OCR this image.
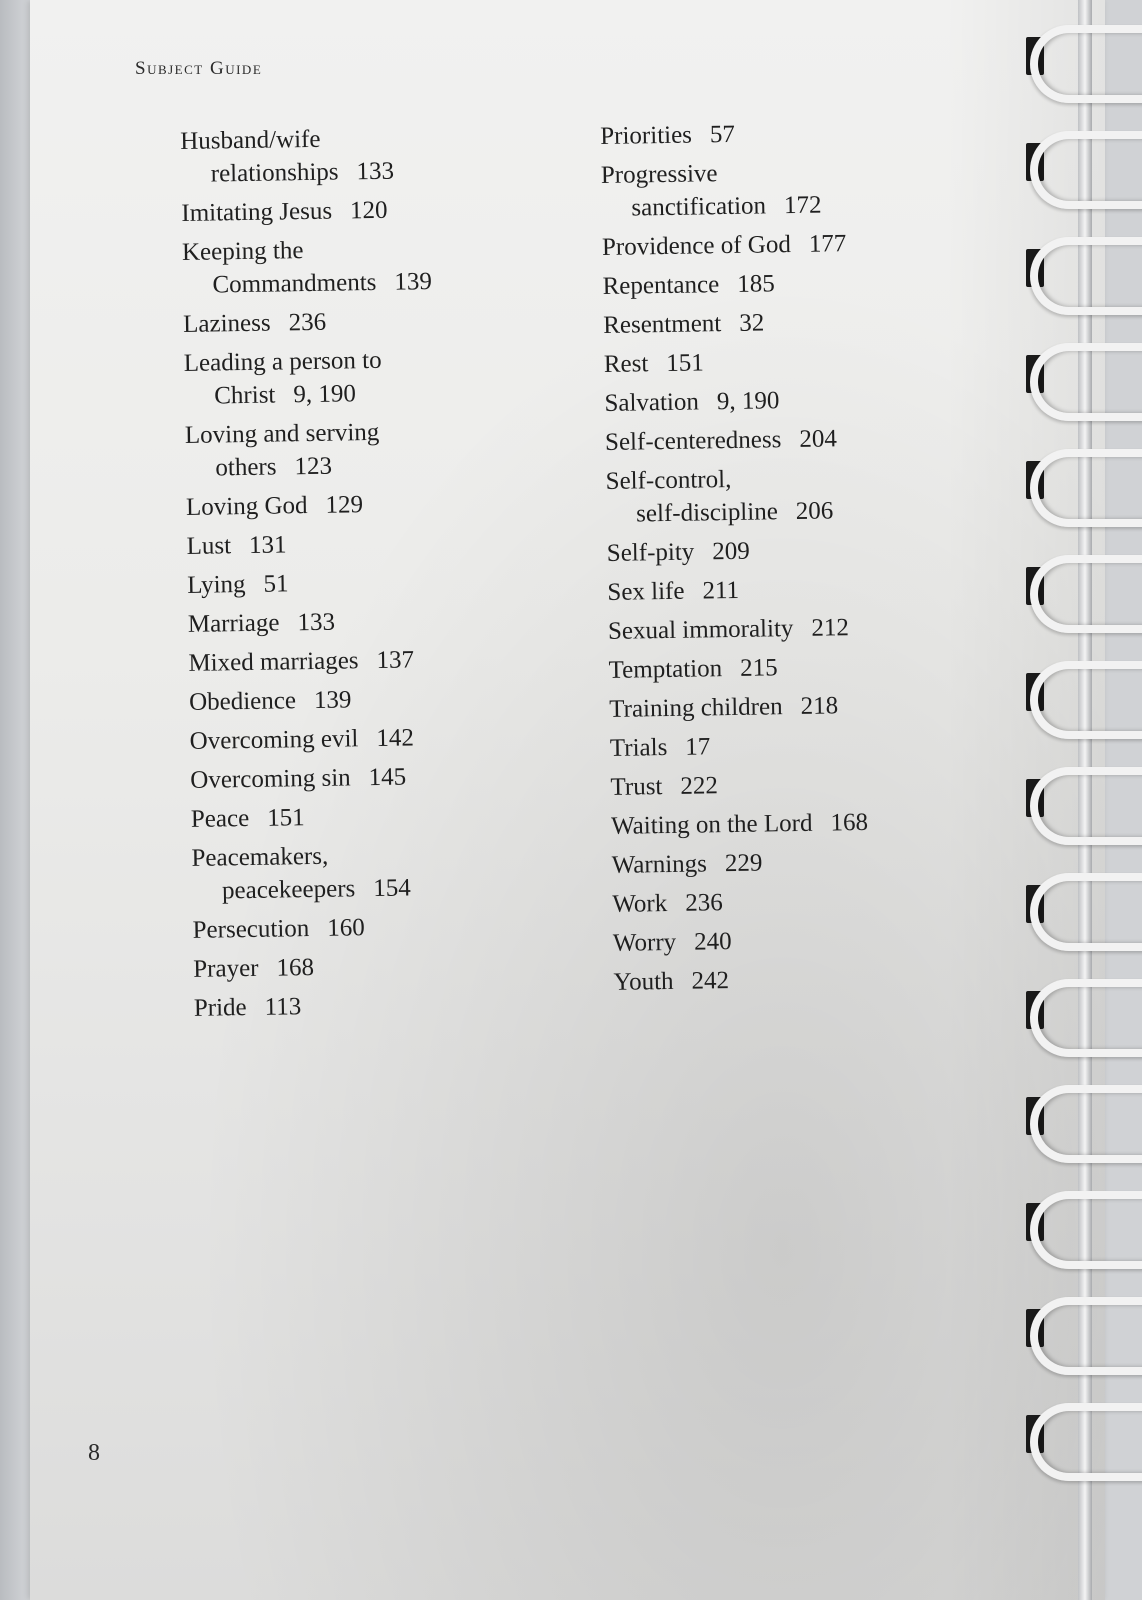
Subject Guide
Husband/wife
relationships 133
Imitating Jesus 120
Keeping the
Commandments 139
Laziness 236
Leading a person to
Christ 9, 190
Loving and serving
others 123
Loving God 129
Lust 131
Lying 51
Marriage 133
Mixed marriages 137
Obedience 139
Overcoming evil 142
Overcoming sin 145
Peace 151
Peacemakers,
peacekeepers 154
Persecution 160
Prayer 168
Pride 113
Priorities 57
Progressive
sanctification 172
Providence of God 177
Repentance 185
Resentment 32
Rest 151
Salvation 9, 190
Self-centeredness 204
Self-control,
self-discipline 206
Self-pity 209
Sex life 211
Sexual immorality 212
Temptation 215
Training children 218
Trials 17
Trust 222
Waiting on the Lord 168
Warnings 229
Work 236
Worry 240
Youth 242
8
